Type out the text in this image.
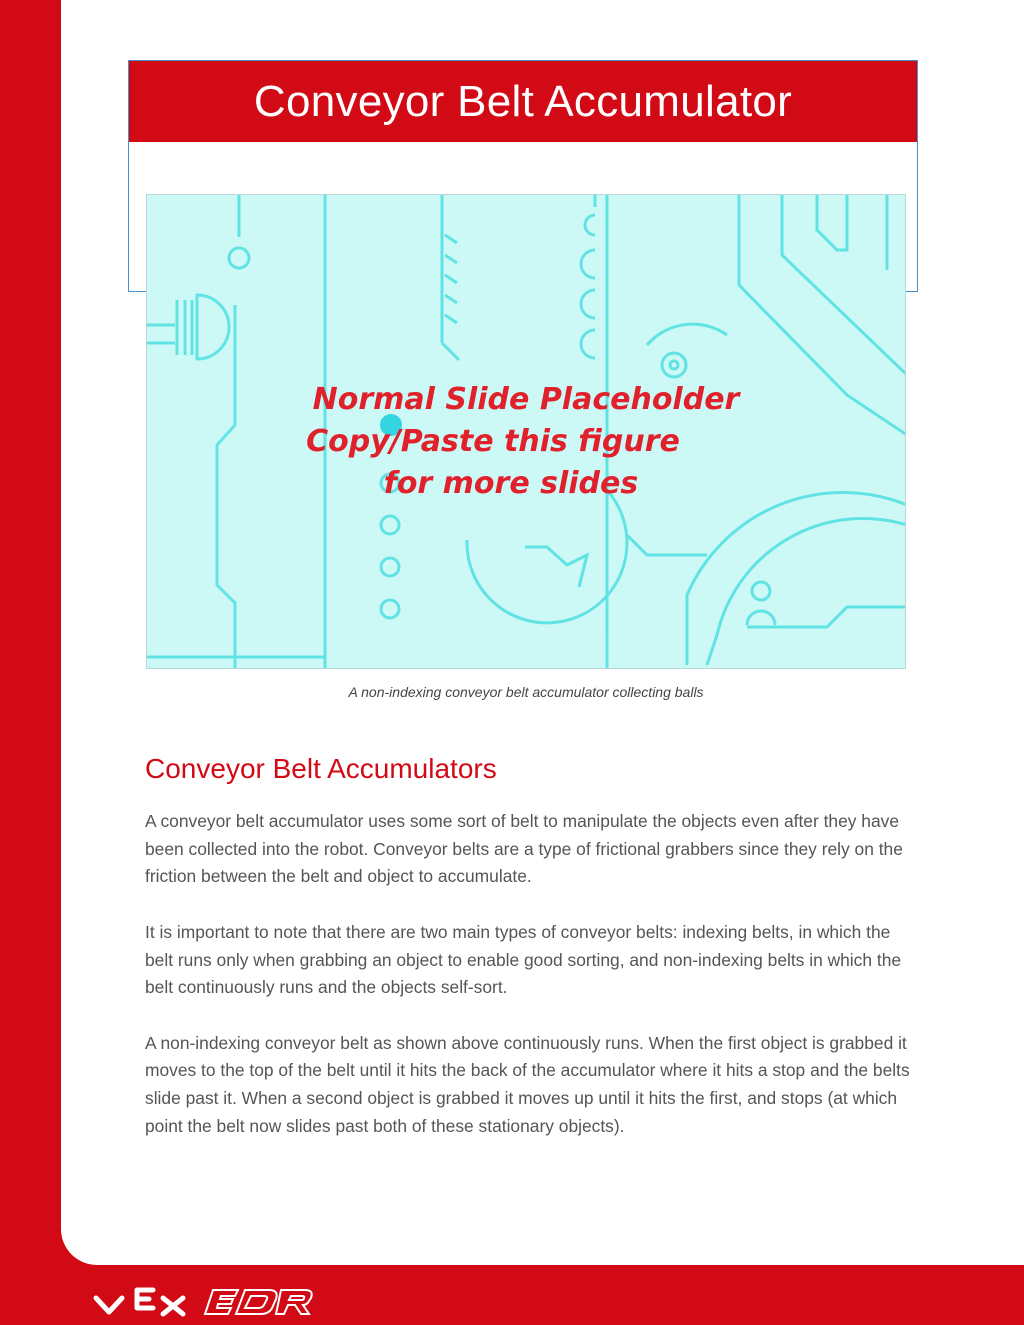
Conveyor Belt Accumulator
Normal Slide Placeholder
Copy/Paste this figure
for more slides
A non-indexing conveyor belt accumulator collecting balls
Conveyor Belt Accumulators

A conveyor belt accumulator uses some sort of belt to manipulate the objects even after they have been collected into the robot. Conveyor belts are a type of frictional grabbers since they rely on the friction between the belt and object to accumulate.

It is important to note that there are two main types of conveyor belts: indexing belts, in which the belt runs only when grabbing an object to enable good sorting, and non-indexing belts in which the belt continuously runs and the objects self-sort.

A non-indexing conveyor belt as shown above continuously runs. When the first object is grabbed it moves to the top of the belt until it hits the back of the accumulator where it hits a stop and the belts slide past it. When a second object is grabbed it moves up until it hits the first, and stops (at which point the belt now slides past both of these stationary objects).
